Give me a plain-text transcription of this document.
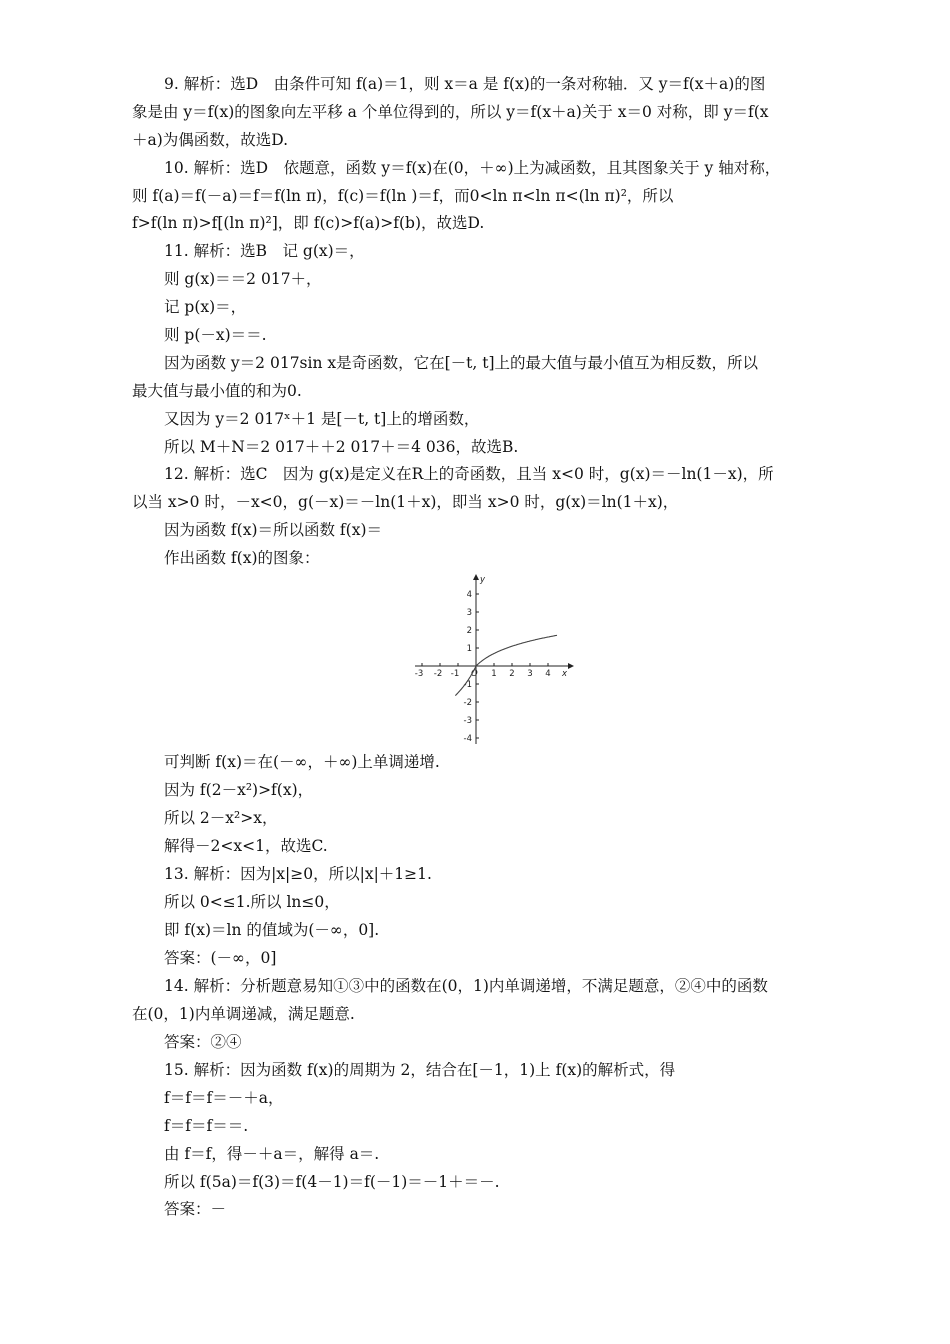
9. 解析：选D　由条件可知 f(a)＝1，则 x＝a 是 f(x)的一条对称轴．又 y＝f(x＋a)的图
象是由 y＝f(x)的图象向左平移 a 个单位得到的，所以 y＝f(x＋a)关于 x＝0 对称，即 y＝f(x
＋a)为偶函数，故选D.
10. 解析：选D　依题意，函数 y＝f(x)在(0，＋∞)上为减函数，且其图象关于 y 轴对称，
则 f(a)＝f(－a)＝f＝f(ln π)，f(c)＝f(ln )＝f，而0<ln π<ln π<(ln π)²，所以
f>f(ln π)>f[(ln π)²]，即 f(c)>f(a)>f(b)，故选D.
11. 解析：选B　记 g(x)＝，
则 g(x)＝＝2 017＋，
记 p(x)＝，
则 p(－x)＝＝.
因为函数 y＝2 017sin x是奇函数，它在[－t, t]上的最大值与最小值互为相反数，所以
最大值与最小值的和为0.
又因为 y＝2 017ˣ＋1 是[－t, t]上的增函数，
所以 M＋N＝2 017＋＋2 017＋＝4 036，故选B.
12. 解析：选C　因为 g(x)是定义在R上的奇函数，且当 x<0 时，g(x)＝－ln(1－x)，所
以当 x>0 时，－x<0，g(－x)＝－ln(1＋x)，即当 x>0 时，g(x)＝ln(1＋x)，
因为函数 f(x)＝所以函数 f(x)＝
作出函数 f(x)的图象：
-3 -2 -1	1 2 3 4
4
3
2
1
-1
-2
-3
-4
O	x
y
可判断 f(x)＝在(－∞，＋∞)上单调递增.
因为 f(2－x²)>f(x)，
所以 2－x²>x，
解得－2<x<1，故选C.
13. 解析：因为|x|≥0，所以|x|＋1≥1.
所以 0<≤1.所以 ln≤0，
即 f(x)＝ln 的值域为(－∞，0].
答案：(－∞，0]
14. 解析：分析题意易知①③中的函数在(0，1)内单调递增，不满足题意，②④中的函数
在(0，1)内单调递减，满足题意.
答案：②④
15. 解析：因为函数 f(x)的周期为 2，结合在[－1，1)上 f(x)的解析式，得
f＝f＝f＝－＋a，
f＝f＝f＝＝.
由 f＝f，得－＋a＝，解得 a＝.
所以 f(5a)＝f(3)＝f(4－1)＝f(－1)＝－1＋＝－.
答案：－
